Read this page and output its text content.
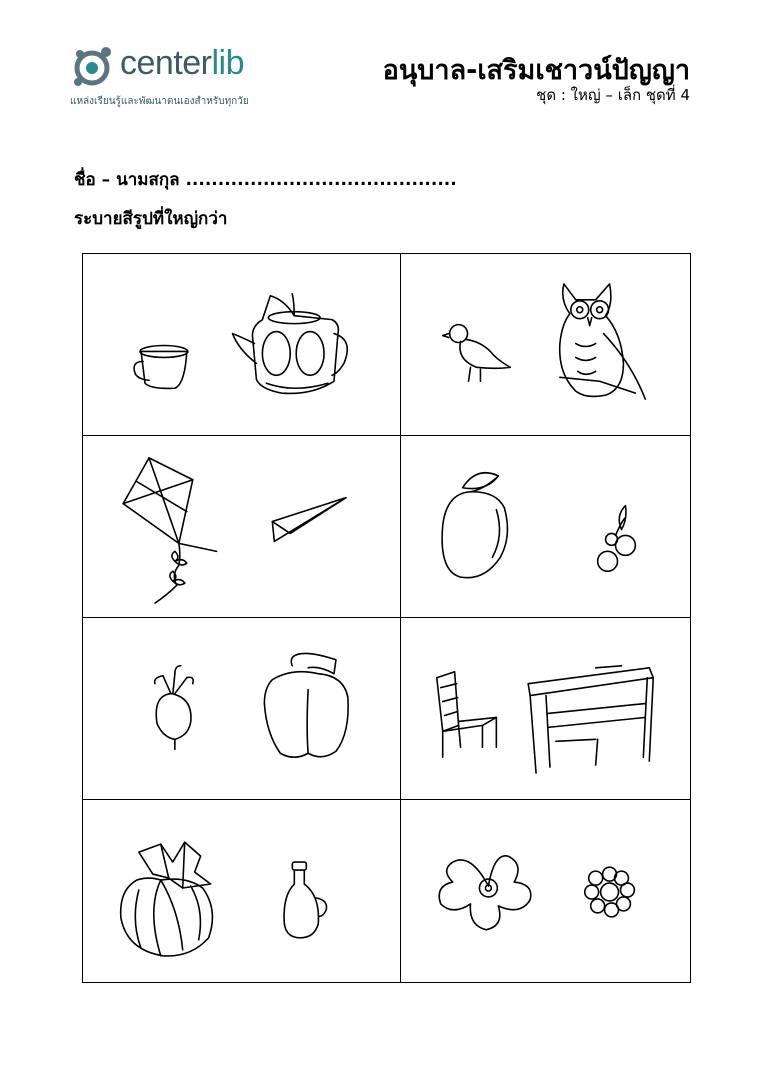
centerlib
แหล่งเรียนรู้และพัฒนาตนเองสำหรับทุกวัย
อนุบาล-เสริมเชาวน์ปัญญา
ชุด : ใหญ่ – เล็ก ชุดที่ 4
ชื่อ – นามสกุล ..........................................
ระบายสีรูปที่ใหญ่กว่า
